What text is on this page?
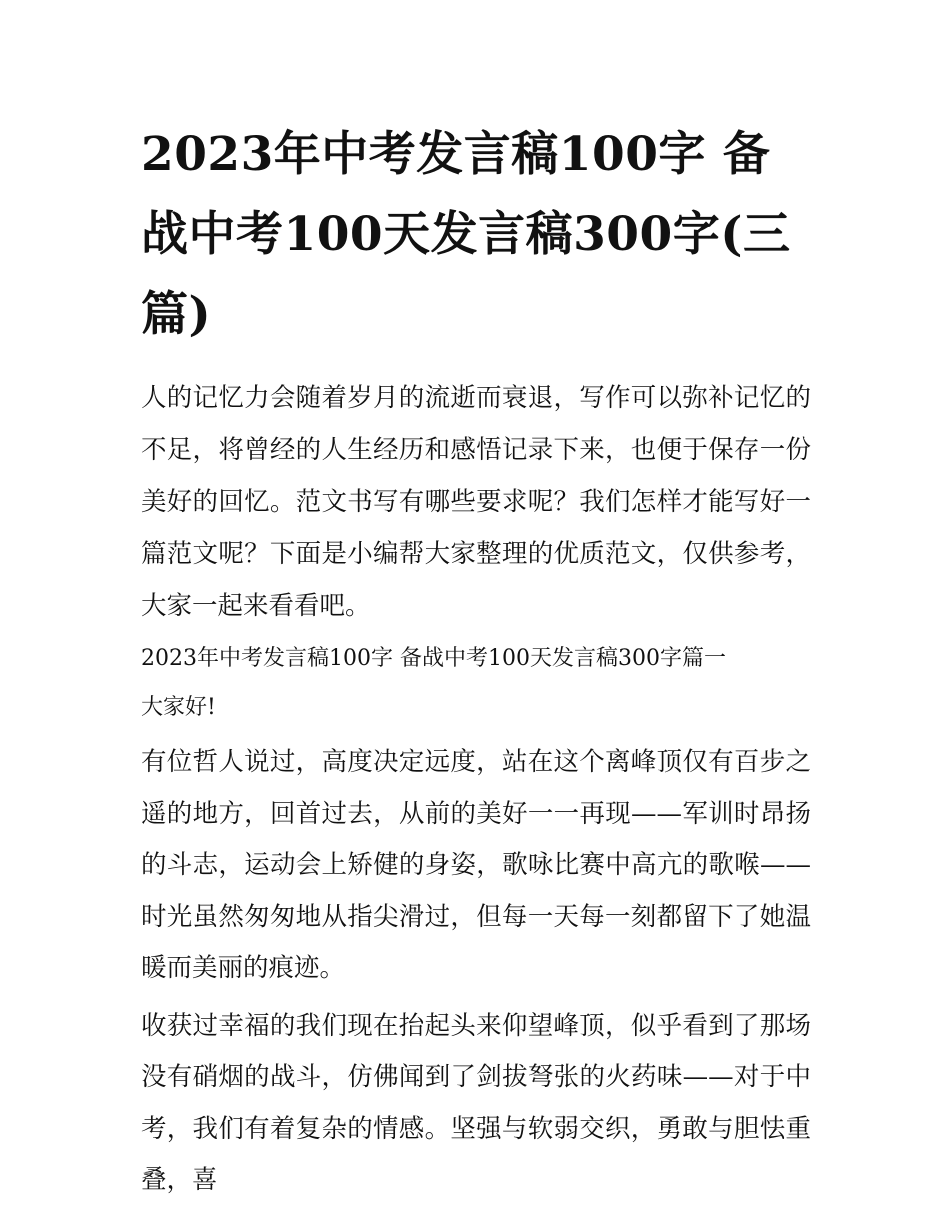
2023年中考发言稿100字 备战中考100天发言稿300字(三篇)

人的记忆力会随着岁月的流逝而衰退，写作可以弥补记忆的不足，将曾经的人生经历和感悟记录下来，也便于保存一份美好的回忆。范文书写有哪些要求呢？我们怎样才能写好一篇范文呢？下面是小编帮大家整理的优质范文，仅供参考，大家一起来看看吧。

2023年中考发言稿100字 备战中考100天发言稿300字篇一

大家好!

有位哲人说过，高度决定远度，站在这个离峰顶仅有百步之遥的地方，回首过去，从前的美好一一再现——军训时昂扬的斗志，运动会上矫健的身姿，歌咏比赛中高亢的歌喉——时光虽然匆匆地从指尖滑过，但每一天每一刻都留下了她温暖而美丽的痕迹。

收获过幸福的我们现在抬起头来仰望峰顶，似乎看到了那场没有硝烟的战斗，仿佛闻到了剑拔弩张的火药味——对于中考，我们有着复杂的情感。坚强与软弱交织，勇敢与胆怯重叠，喜
